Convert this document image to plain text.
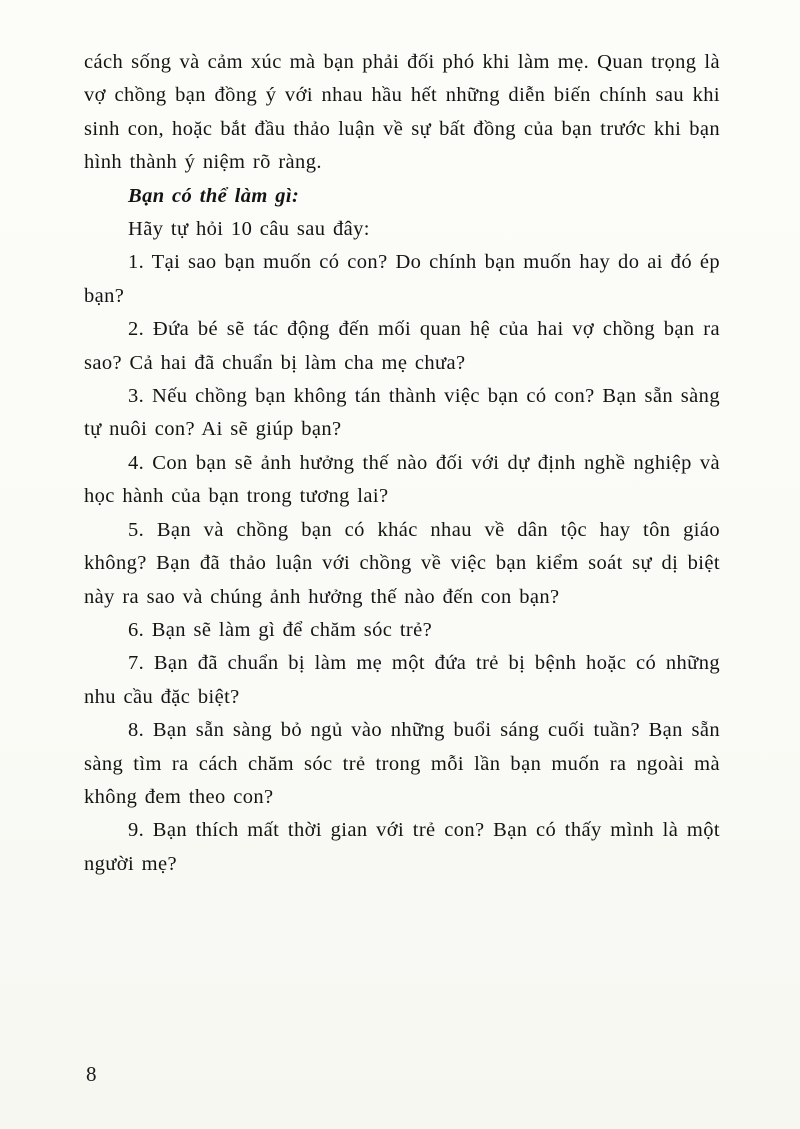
cách sống và cảm xúc mà bạn phải đối phó khi làm mẹ. Quan trọng là vợ chồng bạn đồng ý với nhau hầu hết những diễn biến chính sau khi sinh con, hoặc bắt đầu thảo luận về sự bất đồng của bạn trước khi bạn hình thành ý niệm rõ ràng.

Bạn có thể làm gì:

Hãy tự hỏi 10 câu sau đây:

1. Tại sao bạn muốn có con? Do chính bạn muốn hay do ai đó ép bạn?

2. Đứa bé sẽ tác động đến mối quan hệ của hai vợ chồng bạn ra sao? Cả hai đã chuẩn bị làm cha mẹ chưa?

3. Nếu chồng bạn không tán thành việc bạn có con? Bạn sẵn sàng tự nuôi con? Ai sẽ giúp bạn?

4. Con bạn sẽ ảnh hưởng thế nào đối với dự định nghề nghiệp và học hành của bạn trong tương lai?

5. Bạn và chồng bạn có khác nhau về dân tộc hay tôn giáo không? Bạn đã thảo luận với chồng về việc bạn kiểm soát sự dị biệt này ra sao và chúng ảnh hưởng thế nào đến con bạn?

6. Bạn sẽ làm gì để chăm sóc trẻ?

7. Bạn đã chuẩn bị làm mẹ một đứa trẻ bị bệnh hoặc có những nhu cầu đặc biệt?

8. Bạn sẵn sàng bỏ ngủ vào những buổi sáng cuối tuần? Bạn sẵn sàng tìm ra cách chăm sóc trẻ trong mỗi lần bạn muốn ra ngoài mà không đem theo con?

9. Bạn thích mất thời gian với trẻ con? Bạn có thấy mình là một người mẹ?

8
